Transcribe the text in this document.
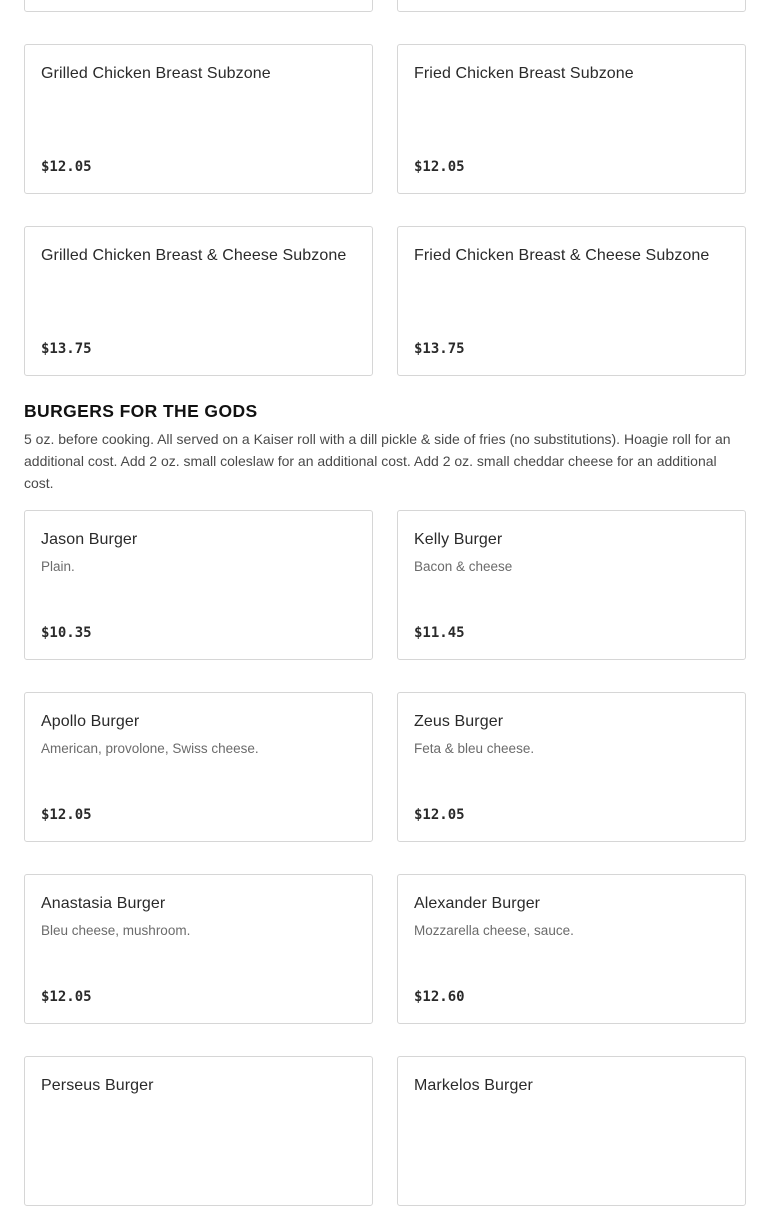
Grilled Chicken Breast Subzone
$12.05
Fried Chicken Breast Subzone
$12.05
Grilled Chicken Breast & Cheese Subzone
$13.75
Fried Chicken Breast & Cheese Subzone
$13.75
BURGERS FOR THE GODS
5 oz. before cooking. All served on a Kaiser roll with a dill pickle & side of fries (no substitutions). Hoagie roll for an additional cost. Add 2 oz. small coleslaw for an additional cost. Add 2 oz. small cheddar cheese for an additional cost.
Jason Burger
Plain.
$10.35
Kelly Burger
Bacon & cheese
$11.45
Apollo Burger
American, provolone, Swiss cheese.
$12.05
Zeus Burger
Feta & bleu cheese.
$12.05
Anastasia Burger
Bleu cheese, mushroom.
$12.05
Alexander Burger
Mozzarella cheese, sauce.
$12.60
Perseus Burger	Markelos Burger
